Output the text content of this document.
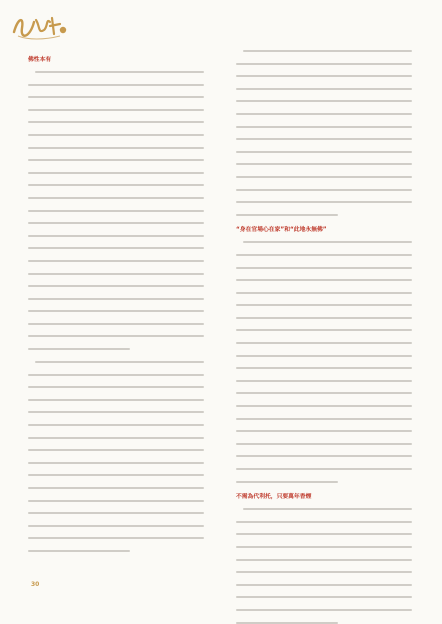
佛性本有
“身在官場心在家”和“此地永無佛”
不需為代利托，只要萬年香煙
30
